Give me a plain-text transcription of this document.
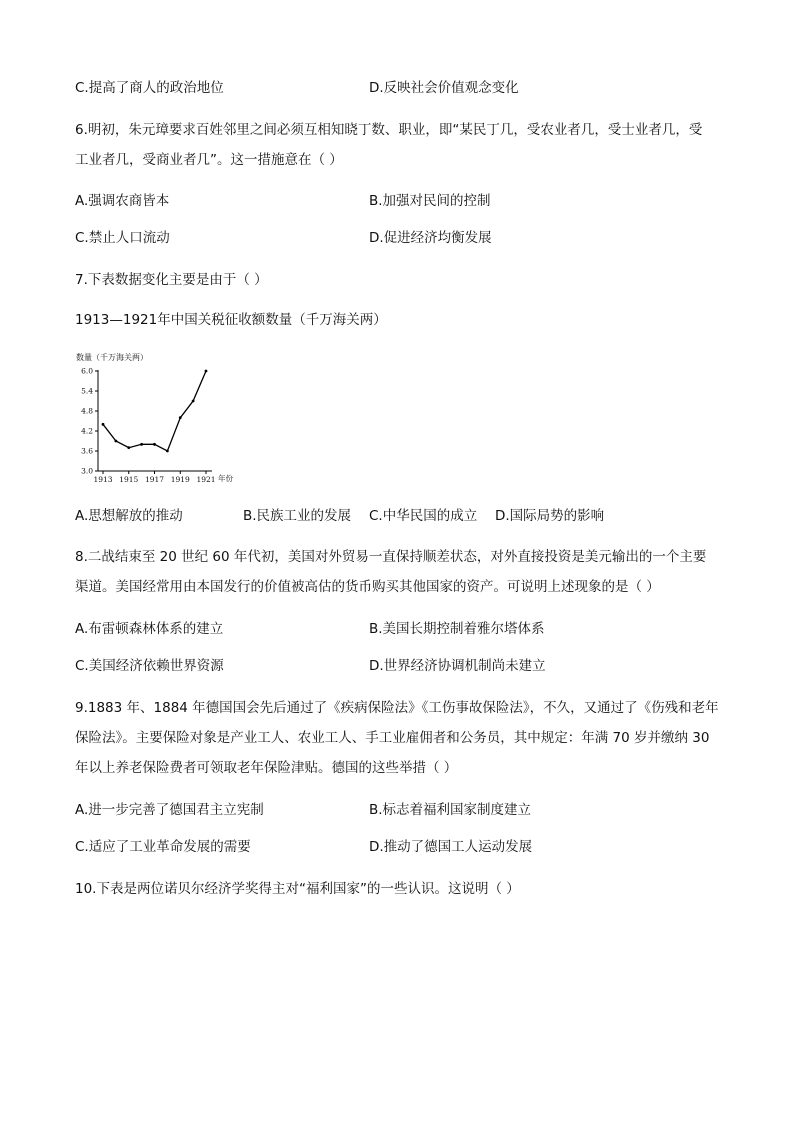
C.提高了商人的政治地位	D.反映社会价值观念变化
6.明初，朱元璋要求百姓邻里之间必须互相知晓丁数、职业，即“某民丁几，受农业者几，受士业者几，受
工业者几，受商业者几”。这一措施意在（ ）
A.强调农商皆本	B.加强对民间的控制
C.禁止人口流动	D.促进经济均衡发展
7.下表数据变化主要是由于（ ）
1913—1921年中国关税征收额数量（千万海关两）
数量（千万海关两）
6.0
5.4
4.8
4.2
3.6
3.0
1913 1915 1917 1919 1921 年份
A.思想解放的推动	B.民族工业的发展 C.中华民国的成立 D.国际局势的影响
8.二战结束至 20 世纪 60 年代初，美国对外贸易一直保持顺差状态，对外直接投资是美元输出的一个主要
渠道。美国经常用由本国发行的价值被高估的货币购买其他国家的资产。可说明上述现象的是（ ）
A.布雷顿森林体系的建立	B.美国长期控制着雅尔塔体系
C.美国经济依赖世界资源	D.世界经济协调机制尚未建立
9.1883 年、1884 年德国国会先后通过了《疾病保险法》《工伤事故保险法》，不久，又通过了《伤残和老年
保险法》。主要保险对象是产业工人、农业工人、手工业雇佣者和公务员，其中规定：年满 70 岁并缴纳 30
年以上养老保险费者可领取老年保险津贴。德国的这些举措（ ）
A.进一步完善了德国君主立宪制	B.标志着福利国家制度建立
C.适应了工业革命发展的需要	D.推动了德国工人运动发展
10.下表是两位诺贝尔经济学奖得主对“福利国家”的一些认识。这说明（ ）
